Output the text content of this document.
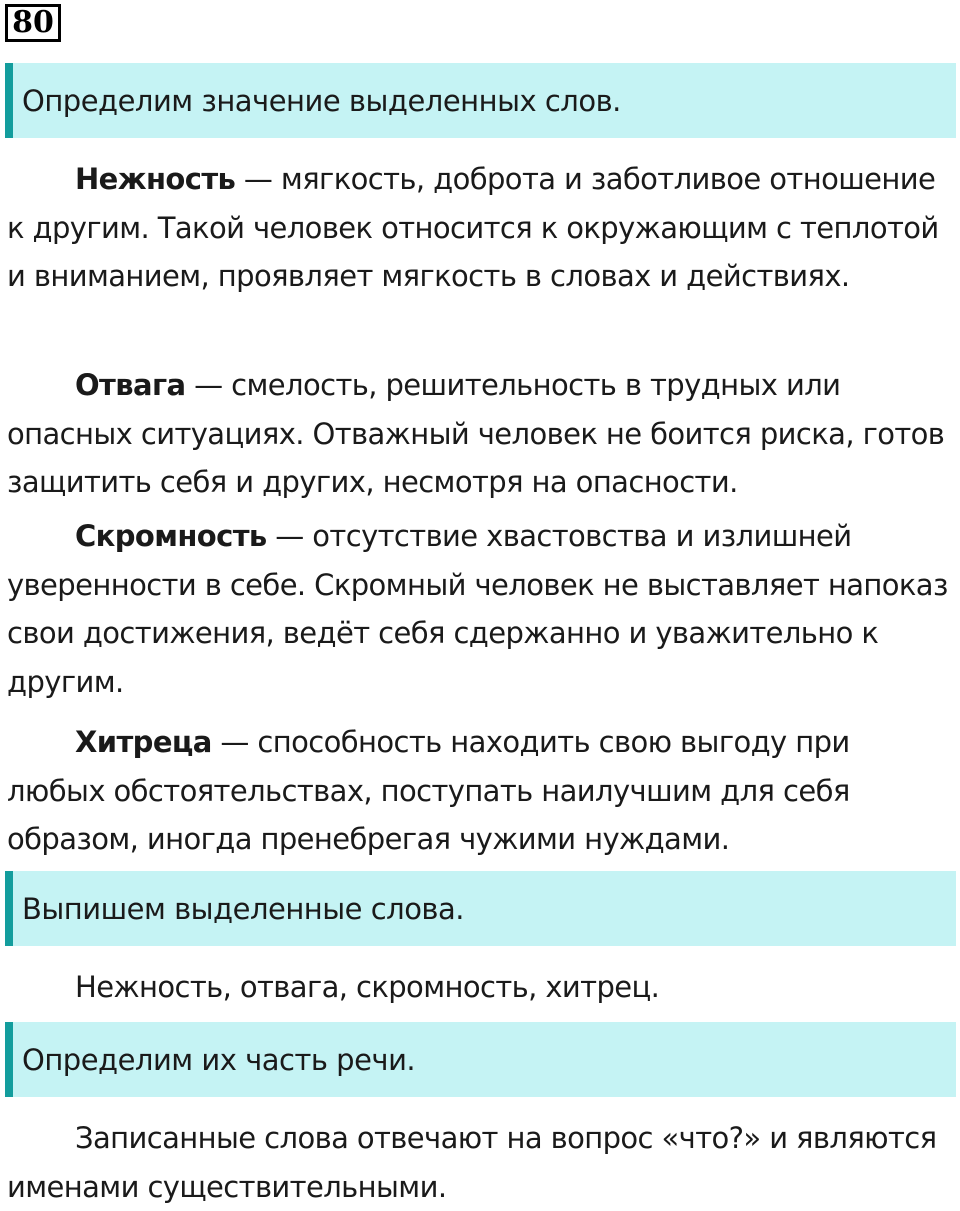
80
Определим значение выделенных слов.

Нежность — мягкость, доброта и заботливое отношение к другим. Такой человек относится к окружающим с теплотой и вниманием, проявляет мягкость в словах и действиях.

Отвага — смелость, решительность в трудных или опасных ситуациях. Отважный человек не боится риска, готов защитить себя и других, несмотря на опасности.

Скромность — отсутствие хвастовства и излишней уверенности в себе. Скромный человек не выставляет напоказ свои достижения, ведёт себя сдержанно и уважительно к другим.

Хитреца — способность находить свою выгоду при любых обстоятельствах, поступать наилучшим для себя образом, иногда пренебрегая чужими нуждами.

Выпишем выделенные слова.

Нежность, отвага, скромность, хитрец.

Определим их часть речи.

Записанные слова отвечают на вопрос «что?» и являются именами существительными.
